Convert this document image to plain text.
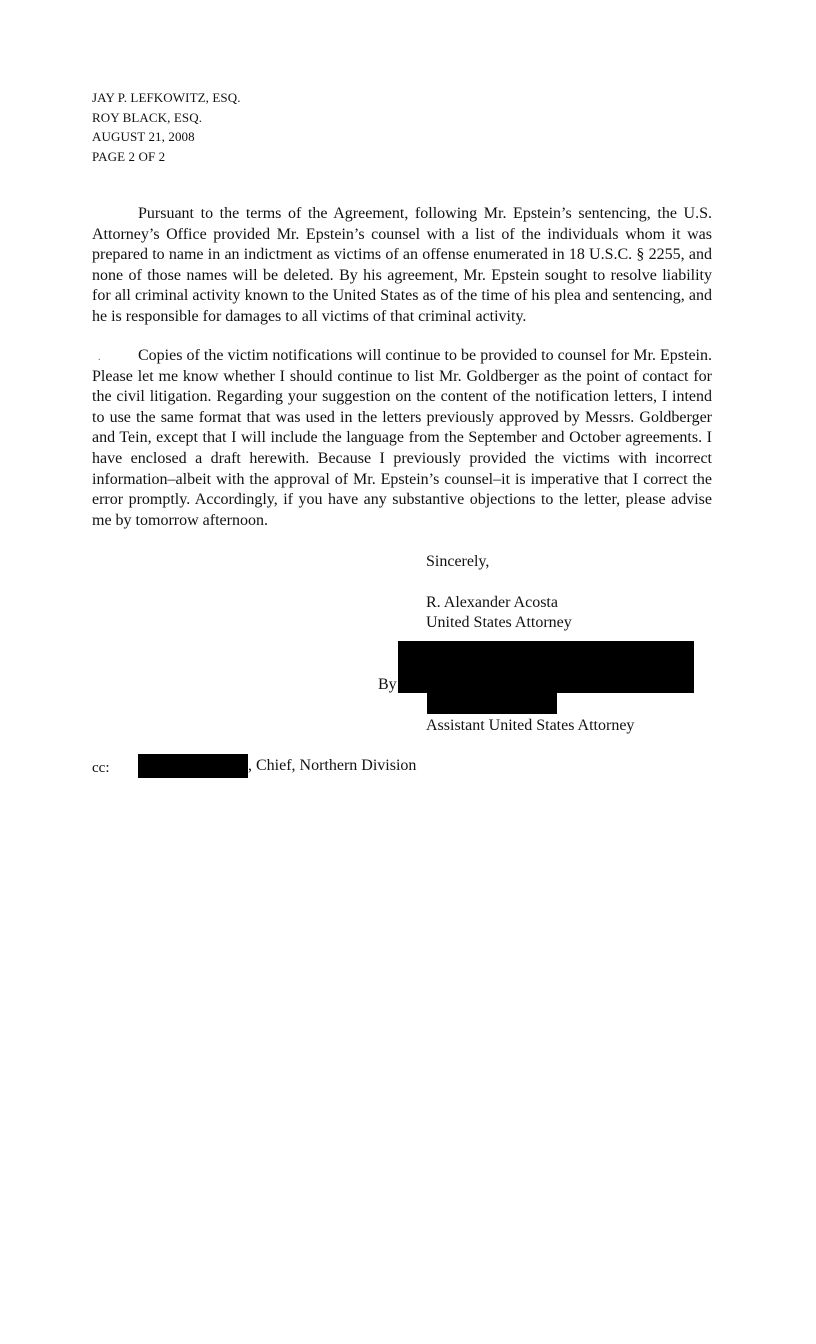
JAY P. LEFKOWITZ, ESQ.
ROY BLACK, ESQ.
AUGUST 21, 2008
PAGE 2 OF 2

Pursuant to the terms of the Agreement, following Mr. Epstein’s sentencing, the U.S. Attorney’s Office provided Mr. Epstein’s counsel with a list of the individuals whom it was prepared to name in an indictment as victims of an offense enumerated in 18 U.S.C. § 2255, and none of those names will be deleted. By his agreement, Mr. Epstein sought to resolve liability for all criminal activity known to the United States as of the time of his plea and sentencing, and he is responsible for damages to all victims of that criminal activity.

.	Copies of the victim notifications will continue to be provided to counsel for Mr. Epstein. Please let me know whether I should continue to list Mr. Goldberger as the point of contact for the civil litigation. Regarding your suggestion on the content of the notification letters, I intend to use the same format that was used in the letters previously approved by Messrs. Goldberger and Tein, except that I will include the language from the September and October agreements. I have enclosed a draft herewith. Because I previously provided the victims with incorrect information–albeit with the approval of Mr. Epstein’s counsel–it is imperative that I correct the error promptly. Accordingly, if you have any substantive objections to the letter, please advise me by tomorrow afternoon.

Sincerely,
R. Alexander Acosta
United States Attorney
By
Assistant United States Attorney
cc:	, Chief, Northern Division
